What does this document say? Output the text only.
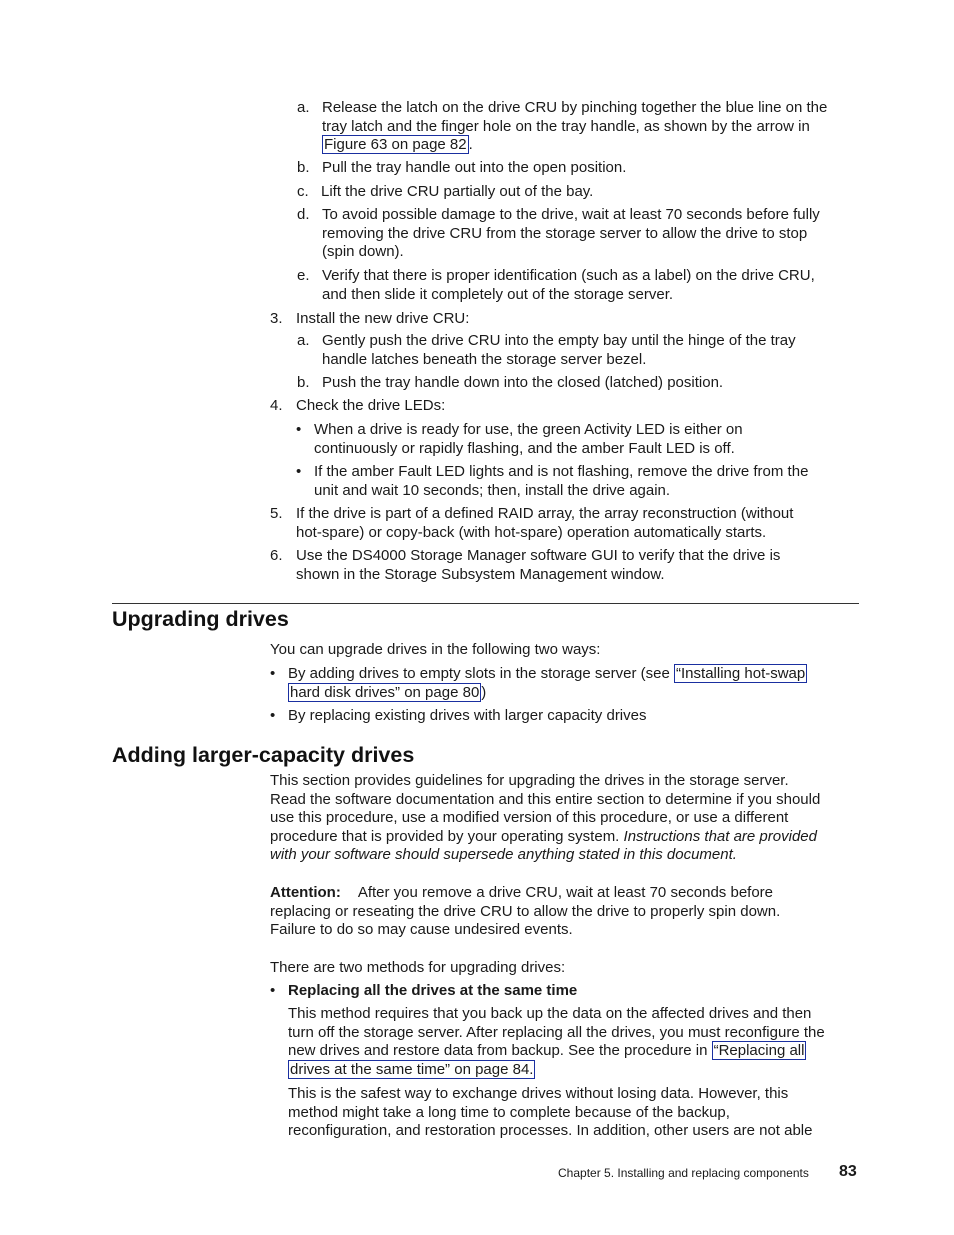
a. Release the latch on the drive CRU by pinching together the blue line on the
tray latch and the finger hole on the tray handle, as shown by the arrow in
Figure 63 on page 82 .
b. Pull the tray handle out into the open position.
c. Lift the drive CRU partially out of the bay.
d. To avoid possible damage to the drive, wait at least 70 seconds before fully
removing the drive CRU from the storage server to allow the drive to stop
(spin down).
e. Verify that there is proper identification (such as a label) on the drive CRU,
and then slide it completely out of the storage server.
3. Install the new drive CRU:
a. Gently push the drive CRU into the empty bay until the hinge of the tray
handle latches beneath the storage server bezel.
b. Push the tray handle down into the closed (latched) position.
4. Check the drive LEDs:
• When a drive is ready for use, the green Activity LED is either on
continuously or rapidly flashing, and the amber Fault LED is off.
• If the amber Fault LED lights and is not flashing, remove the drive from the
unit and wait 10 seconds; then, install the drive again.
5. If the drive is part of a defined RAID array, the array reconstruction (without
hot-spare) or copy-back (with hot-spare) operation automatically starts.
6. Use the DS4000 Storage Manager software GUI to verify that the drive is
shown in the Storage Subsystem Management window.
Upgrading drives
You can upgrade drives in the following two ways:
• By adding drives to empty slots in the storage server (see “Installing hot-swap
hard disk drives” on page 80 )
• By replacing existing drives with larger capacity drives
Adding larger-capacity drives
This section provides guidelines for upgrading the drives in the storage server.
Read the software documentation and this entire section to determine if you should
use this procedure, use a modified version of this procedure, or use a different
procedure that is provided by your operating system. Instructions that are provided
with your software should supersede anything stated in this document.
Attention: After you remove a drive CRU, wait at least 70 seconds before
replacing or reseating the drive CRU to allow the drive to properly spin down.
Failure to do so may cause undesired events.
There are two methods for upgrading drives:
• Replacing all the drives at the same time
This method requires that you back up the data on the affected drives and then
turn off the storage server. After replacing all the drives, you must reconfigure the
new drives and restore data from backup. See the procedure in “Replacing all
drives at the same time” on page 84.
This is the safest way to exchange drives without losing data. However, this
method might take a long time to complete because of the backup,
reconfiguration, and restoration processes. In addition, other users are not able
Chapter 5. Installing and replacing components 83
